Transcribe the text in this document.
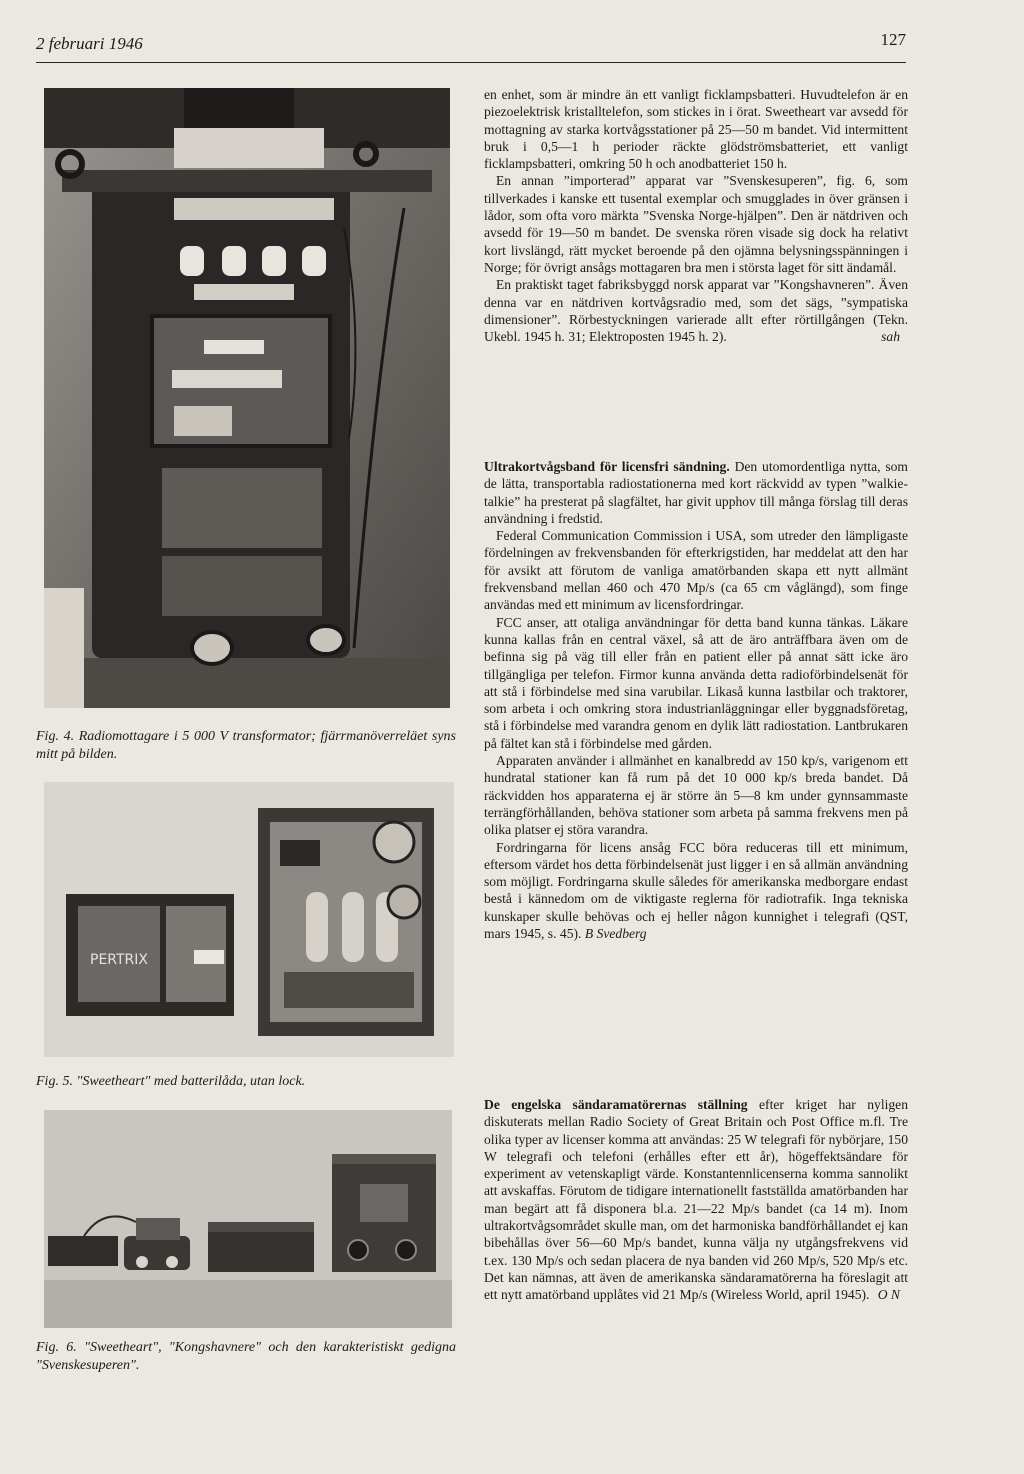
2 februari 1946	127
Fig. 4. Radiomottagare i 5 000 V transformator; fjärrmanöverreläet syns mitt på bilden.
PERTRIX
Fig. 5. "Sweetheart" med batterilåda, utan lock.
Fig. 6. "Sweetheart", "Kongshavnere" och den karakteristiskt gedigna "Svenskesuperen".

en enhet, som är mindre än ett vanligt ficklampsbatteri. Huvudtelefon är en piezoelektrisk kristalltelefon, som stickes in i örat. Sweetheart var avsedd för mottagning av starka kortvågsstationer på 25—50 m bandet. Vid intermittent bruk i 0,5—1 h perioder räckte glödströmsbatteriet, ett vanligt ficklampsbatteri, omkring 50 h och anodbatteriet 150 h.

En annan ”importerad” apparat var ”Svenskesuperen”, fig. 6, som tillverkades i kanske ett tusental exemplar och smugglades in över gränsen i lådor, som ofta voro märkta ”Svenska Norge-hjälpen”. Den är nätdriven och avsedd för 19—50 m bandet. De svenska rören visade sig dock ha relativt kort livslängd, rätt mycket beroende på den ojämna belysningsspänningen i Norge; för övrigt ansågs mottagaren bra men i största laget för sitt ändamål.

En praktiskt taget fabriksbyggd norsk apparat var ”Kongshavneren”. Även denna var en nätdriven kortvågsradio med, som det sägs, ”sympatiska dimensioner”. Rörbestyckningen varierade allt efter rörtillgången (Tekn. Ukebl. 1945 h. 31; Elektroposten 1945 h. 2).	sah

Ultrakortvågsband för licensfri sändning. Den utomordentliga nytta, som de lätta, transportabla radiostationerna med kort räckvidd av typen ”walkie-talkie” ha presterat på slagfältet, har givit upphov till många förslag till deras användning i fredstid.

Federal Communication Commission i USA, som utreder den lämpligaste fördelningen av frekvensbanden för efterkrigstiden, har meddelat att den har för avsikt att förutom de vanliga amatörbanden skapa ett nytt allmänt frekvensband mellan 460 och 470 Mp/s (ca 65 cm våglängd), som finge användas med ett minimum av licensfordringar.

FCC anser, att otaliga användningar för detta band kunna tänkas. Läkare kunna kallas från en central växel, så att de äro anträffbara även om de befinna sig på väg till eller från en patient eller på annat sätt icke äro tillgängliga per telefon. Firmor kunna använda detta radioförbindelsenät för att stå i förbindelse med sina varubilar. Likaså kunna lastbilar och traktorer, som arbeta i och omkring stora industrianläggningar eller byggnadsföretag, stå i förbindelse med varandra genom en dylik lätt radiostation. Lantbrukaren på fältet kan stå i förbindelse med gården.

Apparaten använder i allmänhet en kanalbredd av 150 kp/s, varigenom ett hundratal stationer kan få rum på det 10 000 kp/s breda bandet. Då räckvidden hos apparaterna ej är större än 5—8 km under gynnsammaste terrängförhållanden, behöva stationer som arbeta på samma frekvens men på olika platser ej störa varandra.

Fordringarna för licens ansåg FCC böra reduceras till ett minimum, eftersom värdet hos detta förbindelsenät just ligger i en så allmän användning som möjligt. Fordringarna skulle således för amerikanska medborgare endast bestå i kännedom om de viktigaste reglerna för radiotrafik. Inga tekniska kunskaper skulle behövas och ej heller någon kunnighet i telegrafi (QST, mars 1945, s. 45). B Svedberg

De engelska sändaramatörernas ställning efter kriget har nyligen diskuterats mellan Radio Society of Great Britain och Post Office m.fl. Tre olika typer av licenser komma att användas: 25 W telegrafi för nybörjare, 150 W telegrafi och telefoni (erhålles efter ett år), högeffektsändare för experiment av vetenskapligt värde. Konstantennlicenserna komma sannolikt att avskaffas. Förutom de tidigare internationellt fastställda amatörbanden har man begärt att få disponera bl.a. 21—22 Mp/s bandet (ca 14 m). Inom ultrakortvågsområdet skulle man, om det harmoniska bandförhållandet ej kan bibehållas över 56—60 Mp/s bandet, kunna välja ny utgångsfrekvens vid t.ex. 130 Mp/s och sedan placera de nya banden vid 260 Mp/s, 520 Mp/s etc. Det kan nämnas, att även de amerikanska sändaramatörerna ha föreslagit att ett nytt amatörband upplåtes vid 21 Mp/s (Wireless World, april 1945). O N
